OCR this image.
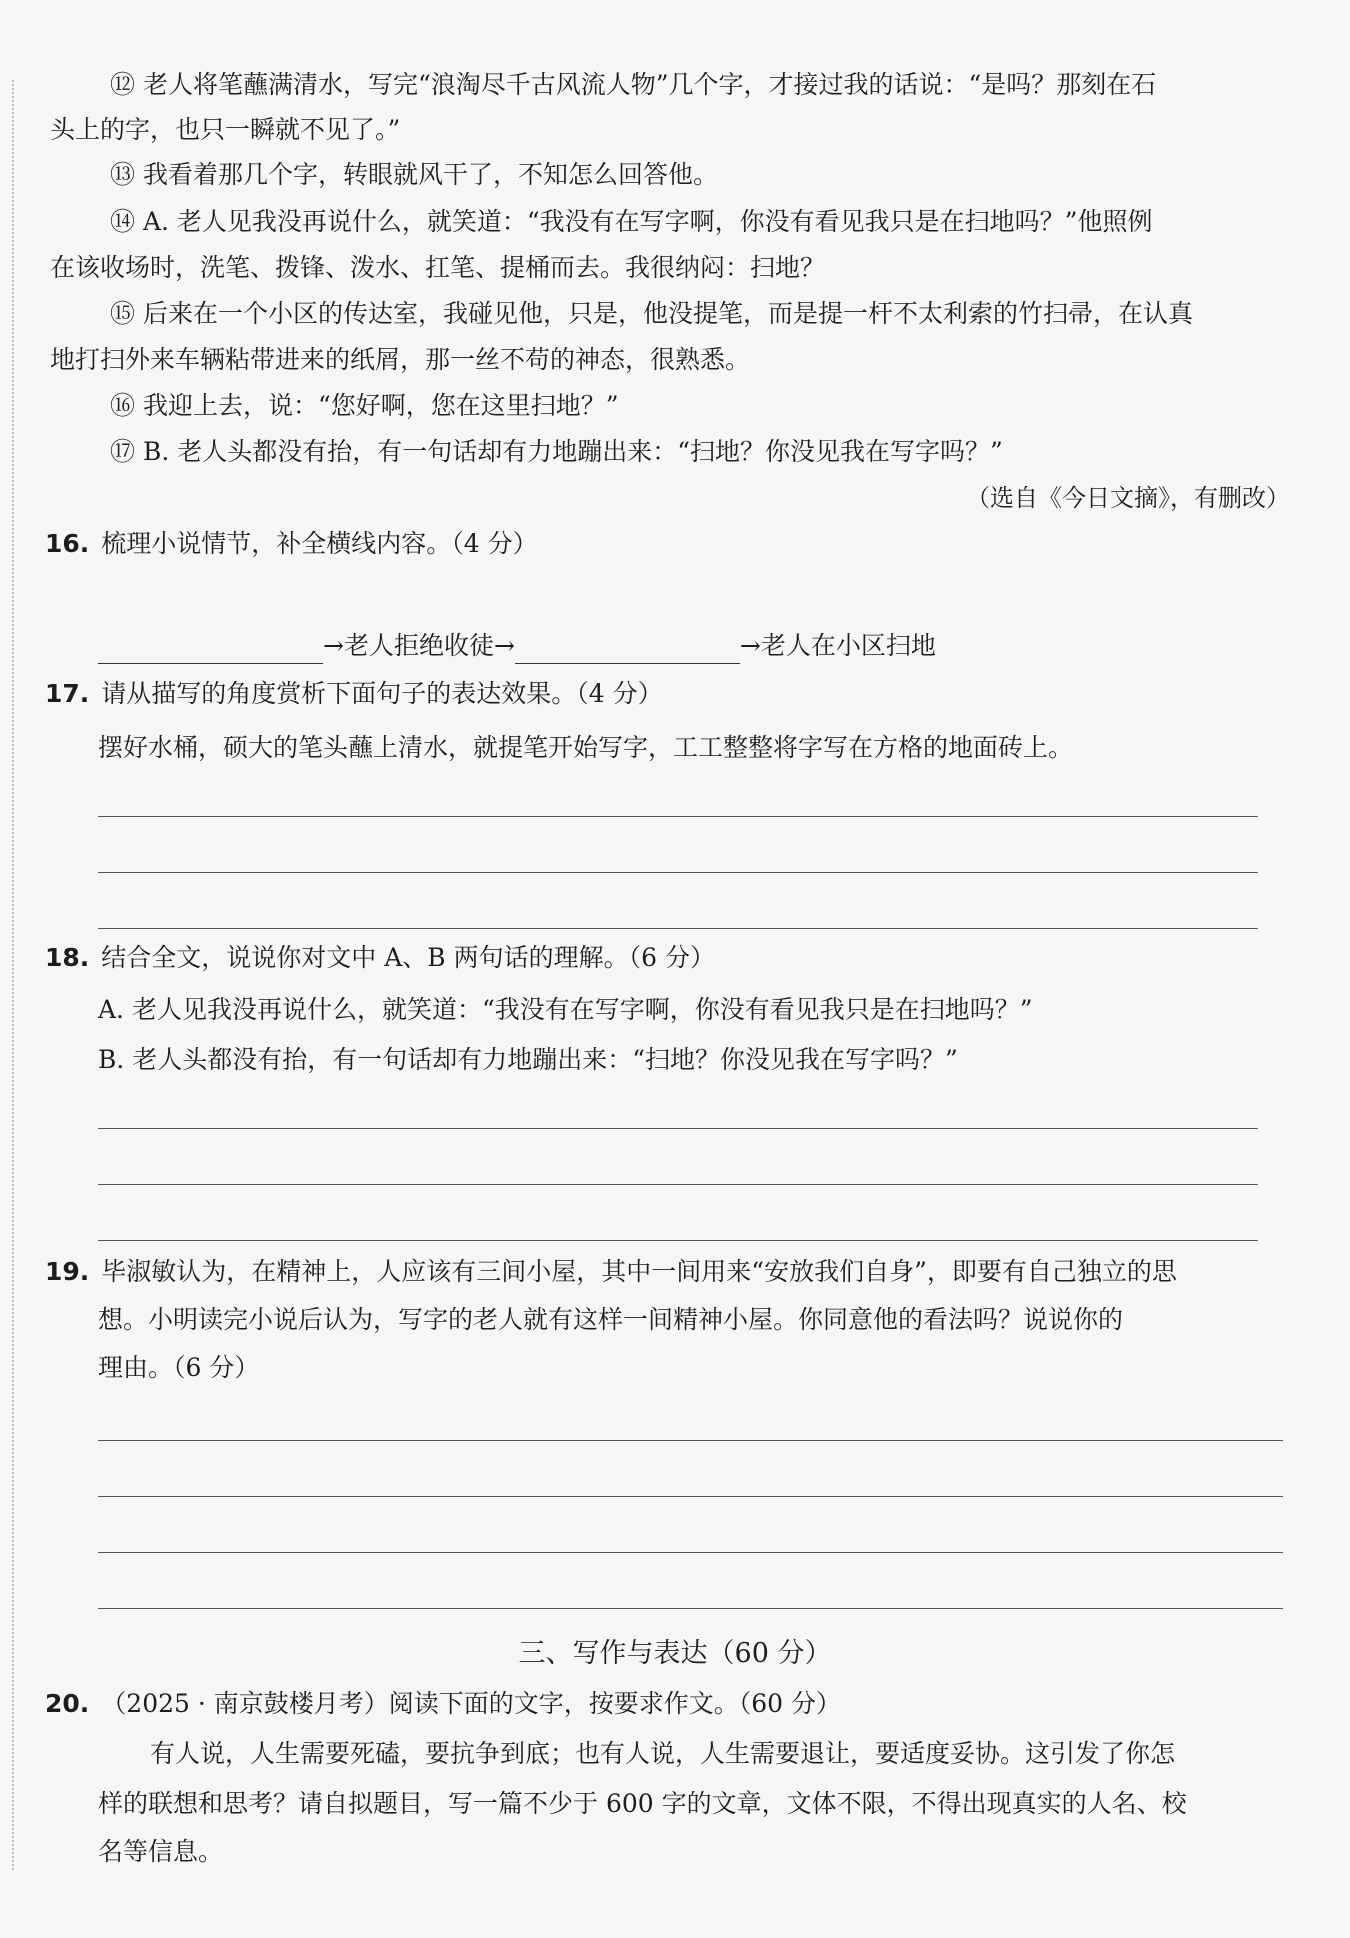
⑫ 老人将笔蘸满清水，写完“浪淘尽千古风流人物”几个字，才接过我的话说：“是吗？那刻在石
头上的字，也只一瞬就不见了。”
⑬ 我看着那几个字，转眼就风干了，不知怎么回答他。
⑭ A. 老人见我没再说什么，就笑道：“我没有在写字啊，你没有看见我只是在扫地吗？”他照例
在该收场时，洗笔、拨锋、泼水、扛笔、提桶而去。我很纳闷：扫地？
⑮ 后来在一个小区的传达室，我碰见他，只是，他没提笔，而是提一杆不太利索的竹扫帚，在认真
地打扫外来车辆粘带进来的纸屑，那一丝不苟的神态，很熟悉。
⑯ 我迎上去，说：“您好啊，您在这里扫地？”
⑰ B. 老人头都没有抬，有一句话却有力地蹦出来：“扫地？你没见我在写字吗？”
（选自《今日文摘》，有删改）
16. 梳理小说情节，补全横线内容。（4 分）
→老人拒绝收徒→	→老人在小区扫地
17. 请从描写的角度赏析下面句子的表达效果。（4 分）
摆好水桶，硕大的笔头蘸上清水，就提笔开始写字，工工整整将字写在方格的地面砖上。
18. 结合全文，说说你对文中 A、B 两句话的理解。（6 分）
A. 老人见我没再说什么，就笑道：“我没有在写字啊，你没有看见我只是在扫地吗？”
B. 老人头都没有抬，有一句话却有力地蹦出来：“扫地？你没见我在写字吗？”
19. 毕淑敏认为，在精神上，人应该有三间小屋，其中一间用来“安放我们自身”，即要有自己独立的思
想。小明读完小说后认为，写字的老人就有这样一间精神小屋。你同意他的看法吗？说说你的
理由。（6 分）
三、写作与表达（60 分）
20. （2025 · 南京鼓楼月考）阅读下面的文字，按要求作文。（60 分）
有人说，人生需要死磕，要抗争到底；也有人说，人生需要退让，要适度妥协。这引发了你怎
样的联想和思考？请自拟题目，写一篇不少于 600 字的文章，文体不限，不得出现真实的人名、校
名等信息。
